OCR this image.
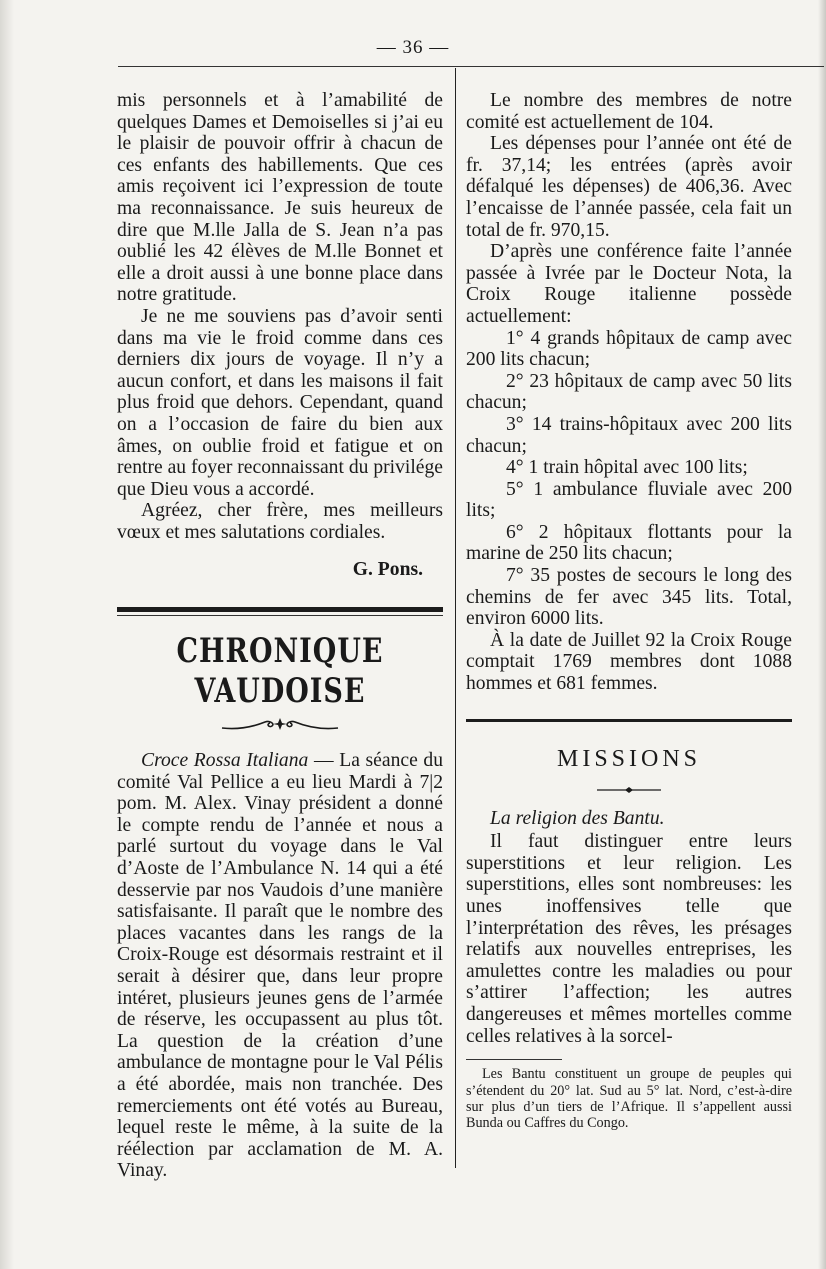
— 36 —

mis personnels et à l’amabilité de quelques Dames et Demoiselles si j’ai eu le plaisir de pouvoir offrir à chacun de ces enfants des habillements. Que ces amis reçoivent ici l’expression de toute ma reconnaissance. Je suis heureux de dire que M.lle Jalla de S. Jean n’a pas oublié les 42 élèves de M.lle Bonnet et elle a droit aussi à une bonne place dans notre gratitude.

Je ne me souviens pas d’avoir senti dans ma vie le froid comme dans ces derniers dix jours de voyage. Il n’y a aucun confort, et dans les maisons il fait plus froid que dehors. Cependant, quand on a l’occasion de faire du bien aux âmes, on oublie froid et fatigue et on rentre au foyer reconnaissant du privilége que Dieu vous a accordé.

Agréez, cher frère, mes meilleurs vœux et mes salutations cordiales.

G. Pons.

CHRONIQUE VAUDOISE

Croce Rossa Italiana — La séance du comité Val Pellice a eu lieu Mardi à 7|2 pom. M. Alex. Vinay président a donné le compte rendu de l’année et nous a parlé surtout du voyage dans le Val d’Aoste de l’Ambulance N. 14 qui a été desservie par nos Vaudois d’une manière satisfaisante. Il paraît que le nombre des places vacantes dans les rangs de la Croix-Rouge est désormais restraint et il serait à désirer que, dans leur propre intéret, plusieurs jeunes gens de l’armée de réserve, les occupassent au plus tôt. La question de la création d’une ambulance de montagne pour le Val Pélis a été abordée, mais non tranchée. Des remerciements ont été votés au Bureau, lequel reste le même, à la suite de la réélection par acclamation de M. A. Vinay.

Le nombre des membres de notre comité est actuellement de 104.

Les dépenses pour l’année ont été de fr. 37,14; les entrées (après avoir défalqué les dépenses) de 406,36. Avec l’encaisse de l’année passée, cela fait un total de fr. 970,15.

D’après une conférence faite l’année passée à Ivrée par le Docteur Nota, la Croix Rouge italienne possède actuellement:

1° 4 grands hôpitaux de camp avec 200 lits chacun;

2° 23 hôpitaux de camp avec 50 lits chacun;

3° 14 trains-hôpitaux avec 200 lits chacun;

4° 1 train hôpital avec 100 lits;

5° 1 ambulance fluviale avec 200 lits;

6° 2 hôpitaux flottants pour la marine de 250 lits chacun;

7° 35 postes de secours le long des chemins de fer avec 345 lits. Total, environ 6000 lits.

À la date de Juillet 92 la Croix Rouge comptait 1769 membres dont 1088 hommes et 681 femmes.

MISSIONS

La religion des Bantu.

Il faut distinguer entre leurs superstitions et leur religion. Les superstitions, elles sont nombreuses: les unes inoffensives telle que l’interprétation des rêves, les présages relatifs aux nouvelles entreprises, les amulettes contre les maladies ou pour s’attirer l’affection; les autres dangereuses et mêmes mortelles comme celles relatives à la sorcel-

Les Bantu constituent un groupe de peuples qui s’étendent du 20° lat. Sud au 5° lat. Nord, c’est-à-dire sur plus d’un tiers de l’Afrique. Il s’appellent aussi Bunda ou Caffres du Congo.
